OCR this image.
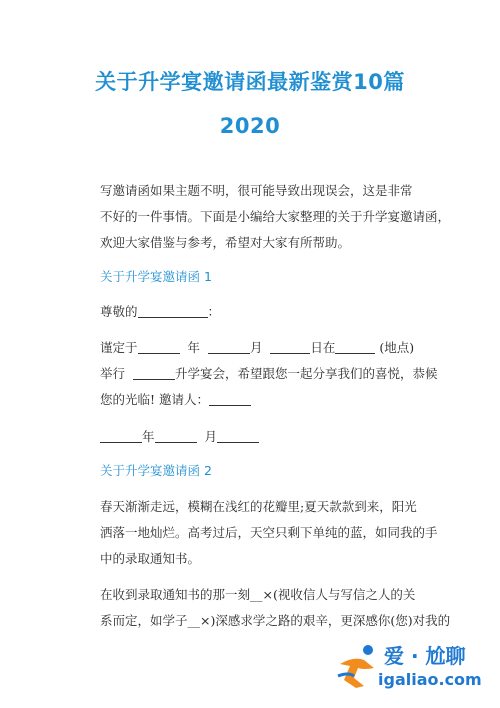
关于升学宴邀请函最新鉴赏10篇
2020
写邀请函如果主题不明，很可能导致出现误会，这是非常
不好的一件事情。下面是小编给大家整理的关于升学宴邀请函，
欢迎大家借鉴与参考，希望对大家有所帮助。
关于升学宴邀请函 1
尊敬的	：
谨定于	年	月	日在	(地点)
举行	升学宴会，希望跟您一起分享我们的喜悦，恭候
您的光临! 邀请人：
年	月
关于升学宴邀请函 2
春天渐渐走远，模糊在浅红的花瓣里;夏天款款到来，阳光
洒落一地灿烂。高考过后，天空只剩下单纯的蓝，如同我的手
中的录取通知书。
在收到录取通知书的那一刻__×(视收信人与写信之人的关
系而定，如学子__×)深感求学之路的艰辛，更深感你(您)对我的
爱 · 尬聊
igaliao.com
